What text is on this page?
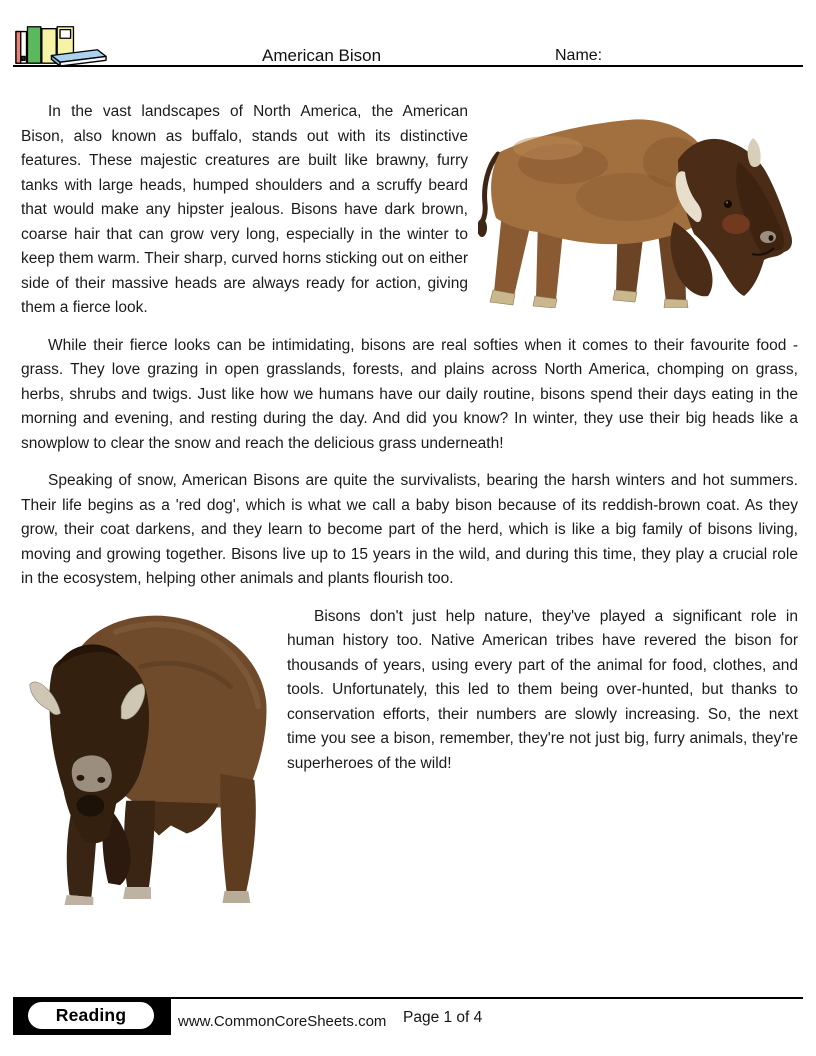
American Bison	Name:

In the vast landscapes of North America, the American Bison, also known as buffalo, stands out with its distinctive features. These majestic creatures are built like brawny, furry tanks with large heads, humped shoulders and a scruffy beard that would make any hipster jealous. Bisons have dark brown, coarse hair that can grow very long, especially in the winter to keep them warm. Their sharp, curved horns sticking out on either side of their massive heads are always ready for action, giving them a fierce look.

While their fierce looks can be intimidating, bisons are real softies when it comes to their favourite food - grass. They love grazing in open grasslands, forests, and plains across North America, chomping on grass, herbs, shrubs and twigs. Just like how we humans have our daily routine, bisons spend their days eating in the morning and evening, and resting during the day. And did you know? In winter, they use their big heads like a snowplow to clear the snow and reach the delicious grass underneath!

Speaking of snow, American Bisons are quite the survivalists, bearing the harsh winters and hot summers. Their life begins as a 'red dog', which is what we call a baby bison because of its reddish-brown coat. As they grow, their coat darkens, and they learn to become part of the herd, which is like a big family of bisons living, moving and growing together. Bisons live up to 15 years in the wild, and during this time, they play a crucial role in the ecosystem, helping other animals and plants flourish too.

Bisons don't just help nature, they've played a significant role in human history too. Native American tribes have revered the bison for thousands of years, using every part of the animal for food, clothes, and tools. Unfortunately, this led to them being over-hunted, but thanks to conservation efforts, their numbers are slowly increasing. So, the next time you see a bison, remember, they're not just big, furry animals, they're superheroes of the wild!

Reading	www.CommonCoreSheets.com Page 1 of 4
